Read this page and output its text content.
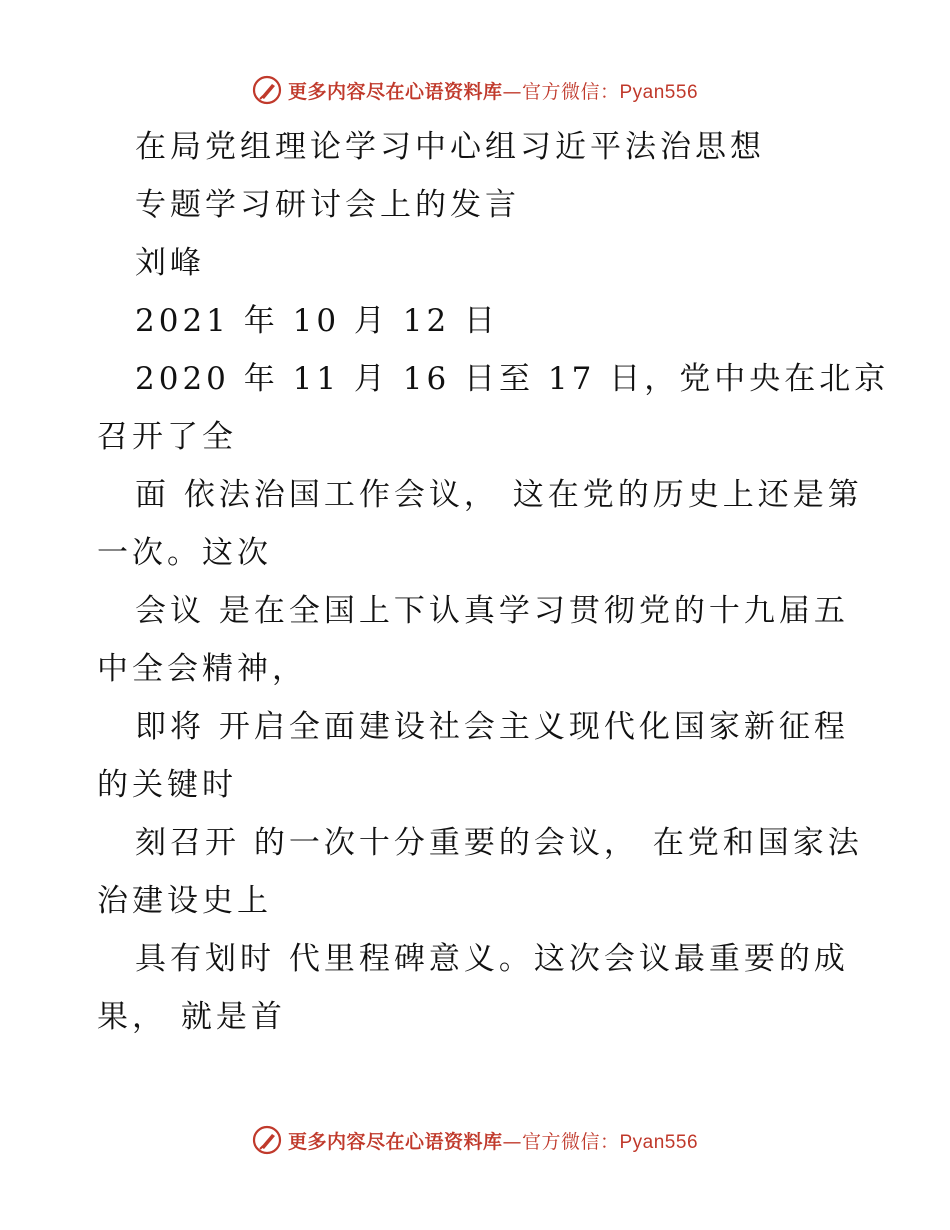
更多内容尽在心语资料库—官方微信：Pyan556
在局党组理论学习中心组习近平法治思想
专题学习研讨会上的发言
刘峰
2021 年 10 月 12 日
2020 年 11 月 16 日至 17 日，党中央在北京
召开了全
面 依法治国工作会议， 这在党的历史上还是第
一次。这次
会议 是在全国上下认真学习贯彻党的十九届五
中全会精神，
即将 开启全面建设社会主义现代化国家新征程
的关键时
刻召开 的一次十分重要的会议， 在党和国家法
治建设史上
具有划时 代里程碑意义。这次会议最重要的成
果， 就是首
更多内容尽在心语资料库—官方微信：Pyan556
